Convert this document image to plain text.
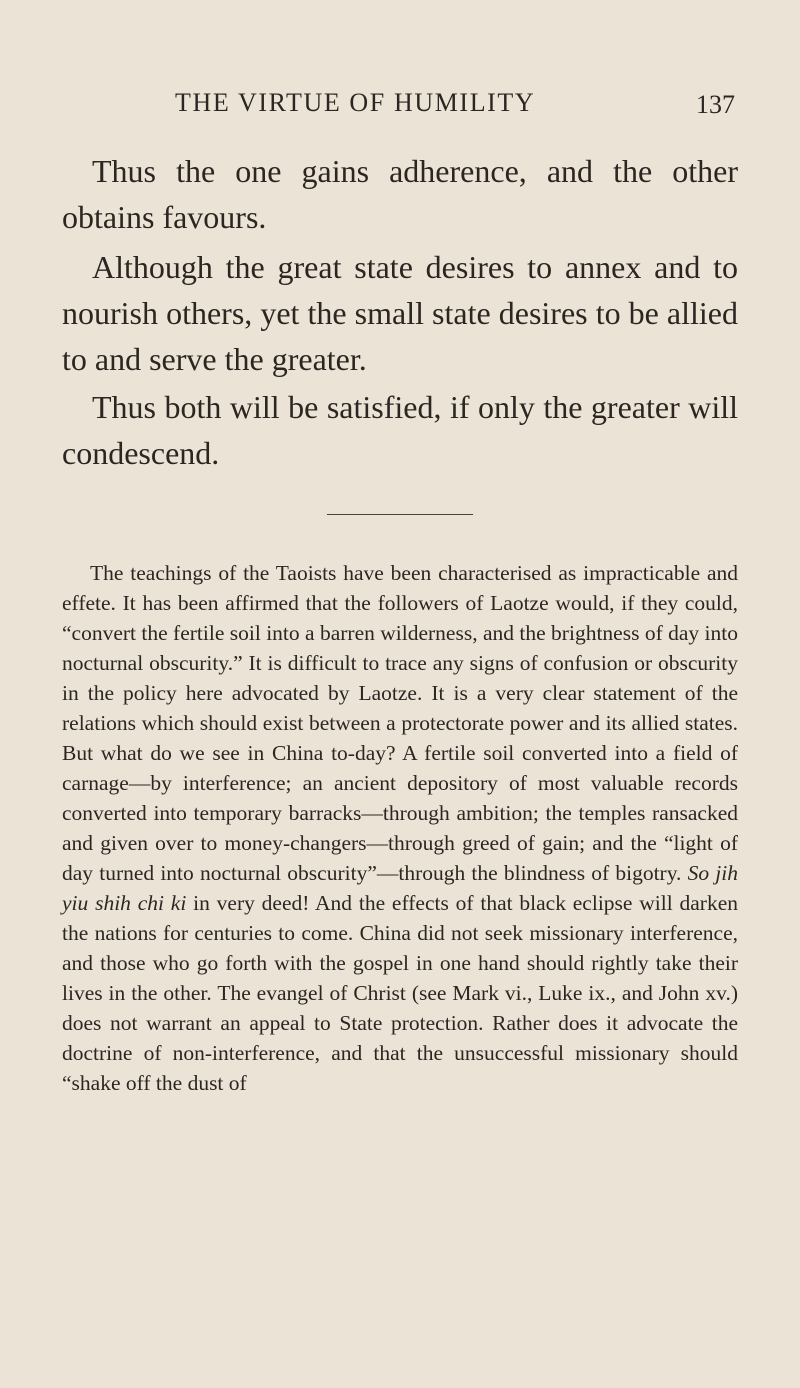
THE VIRTUE OF HUMILITY	137

Thus the one gains adherence, and the other obtains favours.

Although the great state desires to annex and to nourish others, yet the small state desires to be allied to and serve the greater.

Thus both will be satisfied, if only the greater will condescend.

The teachings of the Taoists have been characterised as impracticable and effete. It has been affirmed that the followers of Laotze would, if they could, “convert the fertile soil into a barren wilderness, and the brightness of day into nocturnal obscurity.” It is difficult to trace any signs of confusion or obscurity in the policy here advocated by Laotze. It is a very clear statement of the relations which should exist between a protectorate power and its allied states. But what do we see in China to-day? A fertile soil converted into a field of carnage—by interference; an ancient depository of most valuable records converted into temporary barracks—through ambition; the temples ransacked and given over to money-changers—through greed of gain; and the “light of day turned into nocturnal obscurity”—through the blindness of bigotry. So jih yiu shih chi ki in very deed! And the effects of that black eclipse will darken the nations for centuries to come. China did not seek missionary interference, and those who go forth with the gospel in one hand should rightly take their lives in the other. The evangel of Christ (see Mark vi., Luke ix., and John xv.) does not warrant an appeal to State protection. Rather does it advocate the doctrine of non-interference, and that the unsuccessful missionary should “shake off the dust of
